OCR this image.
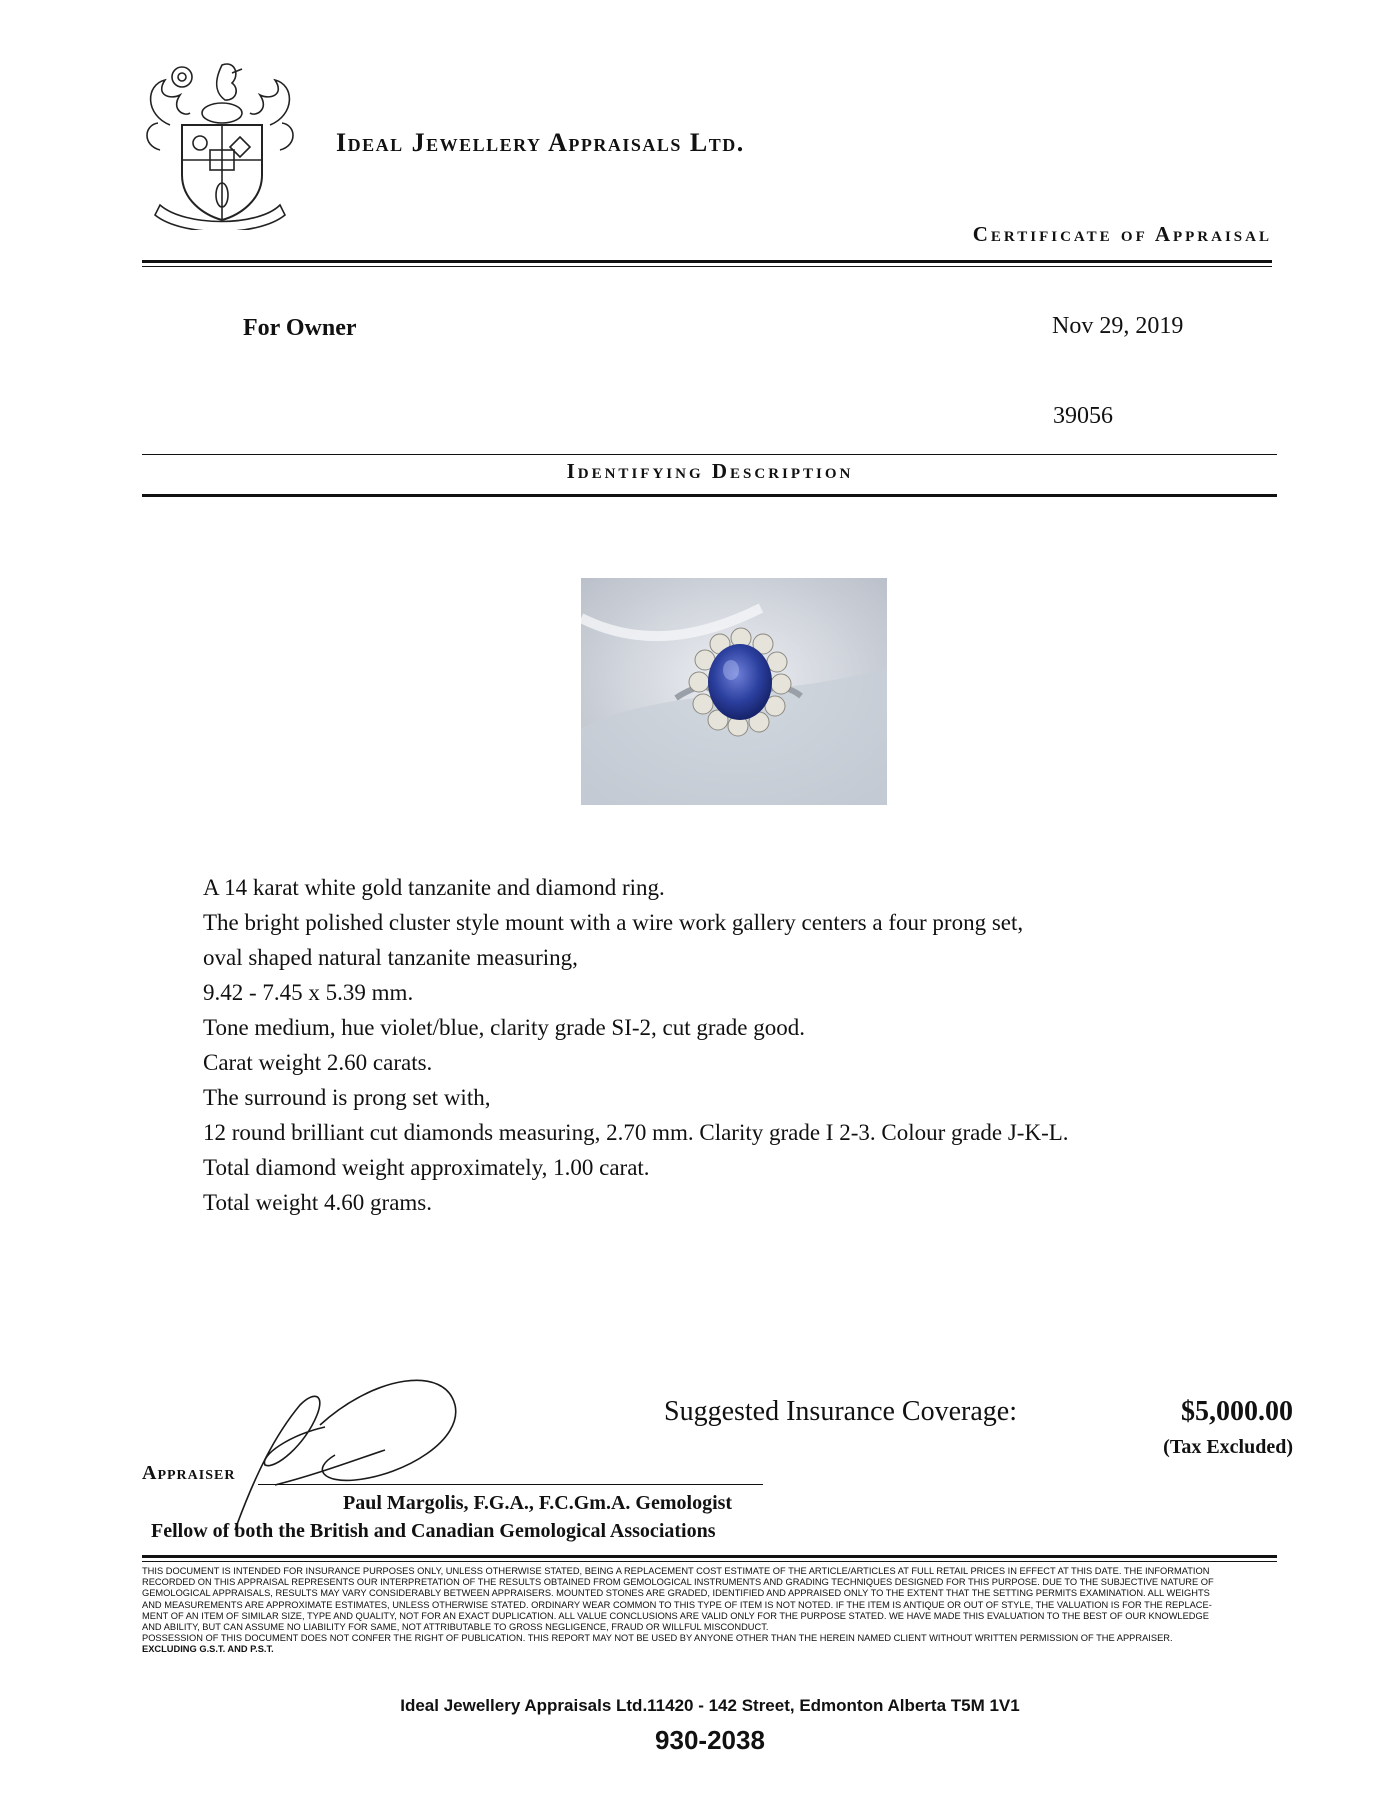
Ideal Jewellery Appraisals Ltd.
Certificate of Appraisal
For Owner	Nov 29, 2019
39056
Identifying Description
A 14 karat white gold tanzanite and diamond ring.
The bright polished cluster style mount with a wire work gallery centers a four prong set,
oval shaped natural tanzanite measuring,
9.42 - 7.45 x 5.39 mm.
Tone medium, hue violet/blue, clarity grade SI-2, cut grade good.
Carat weight 2.60 carats.
The surround is prong set with,
12 round brilliant cut diamonds measuring, 2.70 mm. Clarity grade I 2-3. Colour grade J-K-L.
Total diamond weight approximately, 1.00 carat.
Total weight 4.60 grams.
Suggested Insurance Coverage:	$5,000.00
(Tax Excluded)
Appraiser
Paul Margolis, F.G.A., F.C.Gm.A. Gemologist
Fellow of both the British and Canadian Gemological Associations
THIS DOCUMENT IS INTENDED FOR INSURANCE PURPOSES ONLY, UNLESS OTHERWISE STATED, BEING A REPLACEMENT COST ESTIMATE OF THE ARTICLE/ARTICLES AT FULL RETAIL PRICES IN EFFECT AT THIS DATE. THE INFORMATION
RECORDED ON THIS APPRAISAL REPRESENTS OUR INTERPRETATION OF THE RESULTS OBTAINED FROM GEMOLOGICAL INSTRUMENTS AND GRADING TECHNIQUES DESIGNED FOR THIS PURPOSE. DUE TO THE SUBJECTIVE NATURE OF
GEMOLOGICAL APPRAISALS, RESULTS MAY VARY CONSIDERABLY BETWEEN APPRAISERS. MOUNTED STONES ARE GRADED, IDENTIFIED AND APPRAISED ONLY TO THE EXTENT THAT THE SETTING PERMITS EXAMINATION. ALL WEIGHTS
AND MEASUREMENTS ARE APPROXIMATE ESTIMATES, UNLESS OTHERWISE STATED. ORDINARY WEAR COMMON TO THIS TYPE OF ITEM IS NOT NOTED. IF THE ITEM IS ANTIQUE OR OUT OF STYLE, THE VALUATION IS FOR THE REPLACE-
MENT OF AN ITEM OF SIMILAR SIZE, TYPE AND QUALITY, NOT FOR AN EXACT DUPLICATION. ALL VALUE CONCLUSIONS ARE VALID ONLY FOR THE PURPOSE STATED. WE HAVE MADE THIS EVALUATION TO THE BEST OF OUR KNOWLEDGE
AND ABILITY, BUT CAN ASSUME NO LIABILITY FOR SAME, NOT ATTRIBUTABLE TO GROSS NEGLIGENCE, FRAUD OR WILLFUL MISCONDUCT.
POSSESSION OF THIS DOCUMENT DOES NOT CONFER THE RIGHT OF PUBLICATION. THIS REPORT MAY NOT BE USED BY ANYONE OTHER THAN THE HEREIN NAMED CLIENT WITHOUT WRITTEN PERMISSION OF THE APPRAISER.
EXCLUDING G.S.T. AND P.S.T.
Ideal Jewellery Appraisals Ltd.11420 - 142 Street, Edmonton Alberta T5M 1V1
930-2038
